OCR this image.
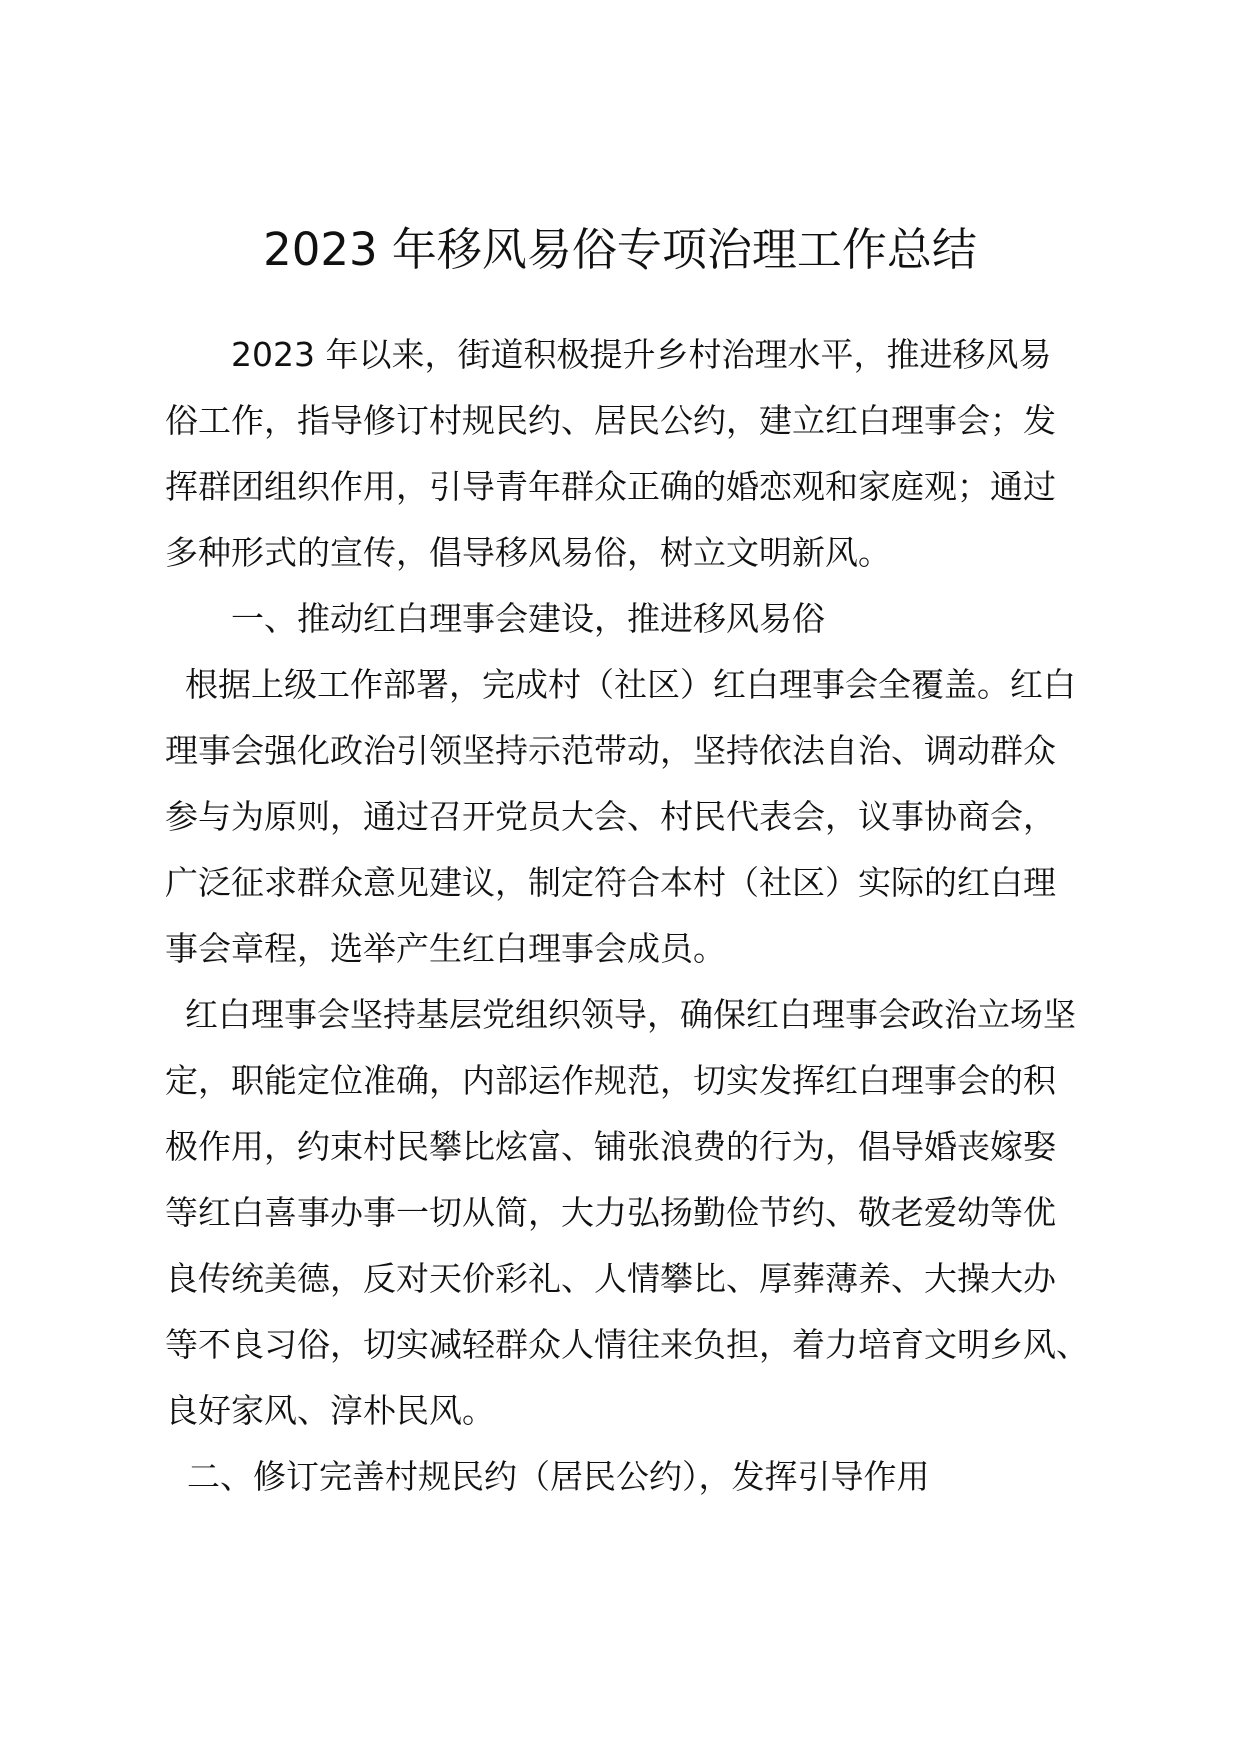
2023 年移风易俗专项治理工作总结
2023 年以来，街道积极提升乡村治理水平，推进移风易
俗工作，指导修订村规民约、居民公约，建立红白理事会；发
挥群团组织作用，引导青年群众正确的婚恋观和家庭观；通过
多种形式的宣传，倡导移风易俗，树立文明新风。
一、推动红白理事会建设，推进移风易俗
根据上级工作部署，完成村（社区）红白理事会全覆盖。红白
理事会强化政治引领坚持示范带动，坚持依法自治、调动群众
参与为原则，通过召开党员大会、村民代表会，议事协商会，
广泛征求群众意见建议，制定符合本村（社区）实际的红白理
事会章程，选举产生红白理事会成员。
红白理事会坚持基层党组织领导，确保红白理事会政治立场坚
定，职能定位准确，内部运作规范，切实发挥红白理事会的积
极作用，约束村民攀比炫富、铺张浪费的行为，倡导婚丧嫁娶
等红白喜事办事一切从简，大力弘扬勤俭节约、敬老爱幼等优
良传统美德，反对天价彩礼、人情攀比、厚葬薄养、大操大办
等不良习俗，切实减轻群众人情往来负担，着力培育文明乡风、
良好家风、淳朴民风。
二、修订完善村规民约（居民公约），发挥引导作用
